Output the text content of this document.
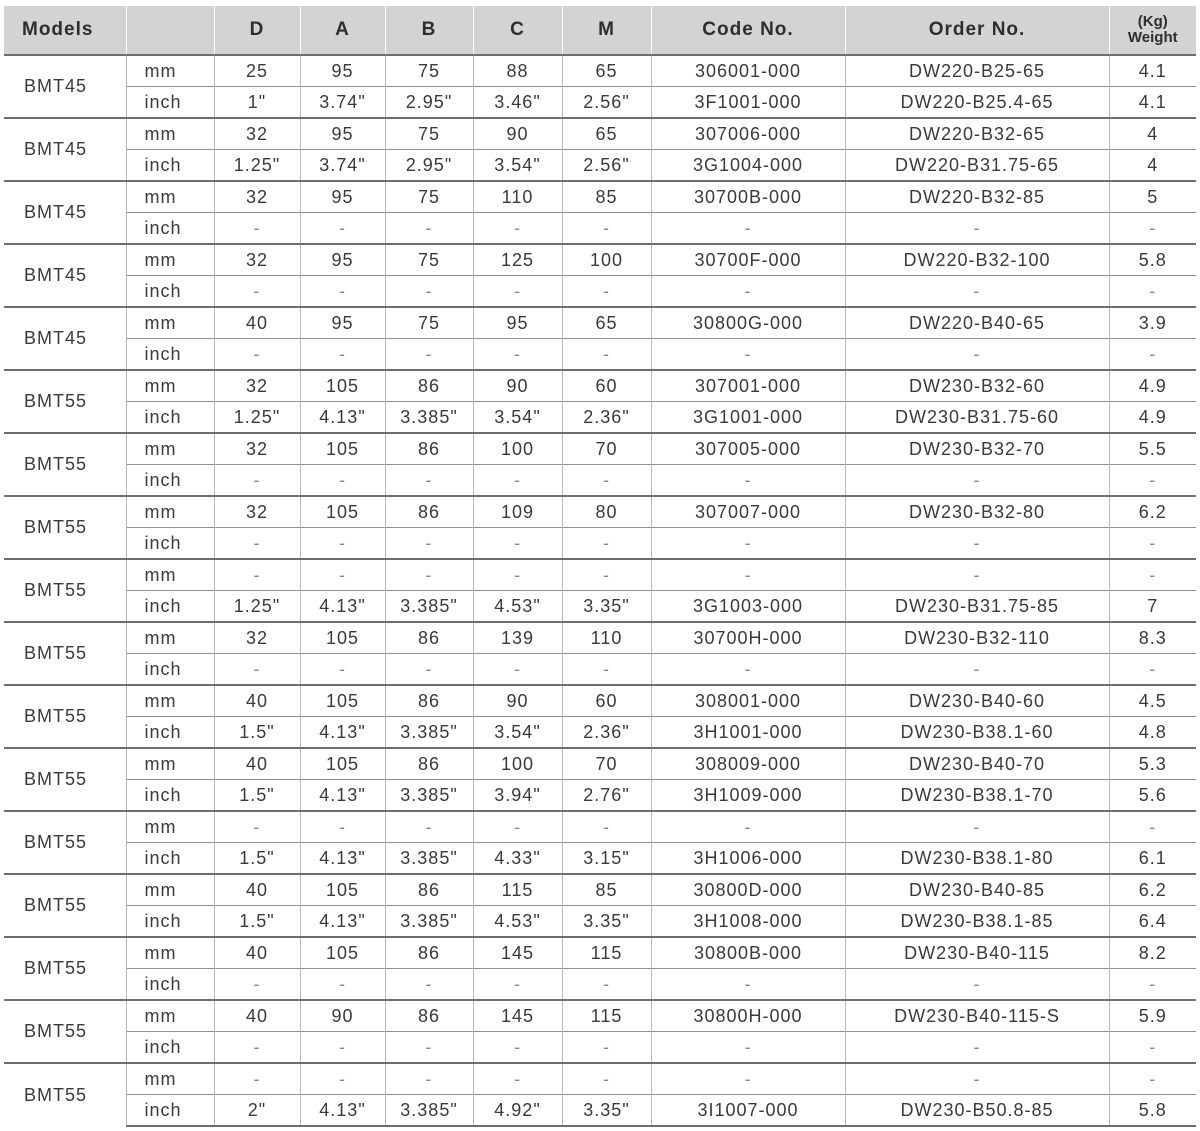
Models		D	A	B	C	M	Code No.	Order No.	(Kg)
Weight
BMT45	mm	25	95	75	88	65	306001-000	DW220-B25-65	4.1
	inch	1"	3.74"	2.95"	3.46"	2.56"	3F1001-000	DW220-B25.4-65	4.1
BMT45	mm	32	95	75	90	65	307006-000	DW220-B32-65	4
	inch	1.25"	3.74"	2.95"	3.54"	2.56"	3G1004-000	DW220-B31.75-65	4
BMT45	mm	32	95	75	110	85	30700B-000	DW220-B32-85	5
	inch	-	-	-	-	-	-	-	-
BMT45	mm	32	95	75	125	100	30700F-000	DW220-B32-100	5.8
	inch	-	-	-	-	-	-	-	-
BMT45	mm	40	95	75	95	65	30800G-000	DW220-B40-65	3.9
	inch	-	-	-	-	-	-	-	-
BMT55	mm	32	105	86	90	60	307001-000	DW230-B32-60	4.9
	inch	1.25"	4.13"	3.385"	3.54"	2.36"	3G1001-000	DW230-B31.75-60	4.9
BMT55	mm	32	105	86	100	70	307005-000	DW230-B32-70	5.5
	inch	-	-	-	-	-	-	-	-
BMT55	mm	32	105	86	109	80	307007-000	DW230-B32-80	6.2
	inch	-	-	-	-	-	-	-	-
BMT55	mm	-	-	-	-	-	-	-	-
	inch	1.25"	4.13"	3.385"	4.53"	3.35"	3G1003-000	DW230-B31.75-85	7
BMT55	mm	32	105	86	139	110	30700H-000	DW230-B32-110	8.3
	inch	-	-	-	-	-	-	-	-
BMT55	mm	40	105	86	90	60	308001-000	DW230-B40-60	4.5
	inch	1.5"	4.13"	3.385"	3.54"	2.36"	3H1001-000	DW230-B38.1-60	4.8
BMT55	mm	40	105	86	100	70	308009-000	DW230-B40-70	5.3
	inch	1.5"	4.13"	3.385"	3.94"	2.76"	3H1009-000	DW230-B38.1-70	5.6
BMT55	mm	-	-	-	-	-	-	-	-
	inch	1.5"	4.13"	3.385"	4.33"	3.15"	3H1006-000	DW230-B38.1-80	6.1
BMT55	mm	40	105	86	115	85	30800D-000	DW230-B40-85	6.2
	inch	1.5"	4.13"	3.385"	4.53"	3.35"	3H1008-000	DW230-B38.1-85	6.4
BMT55	mm	40	105	86	145	115	30800B-000	DW230-B40-115	8.2
	inch	-	-	-	-	-	-	-	-
BMT55	mm	40	90	86	145	115	30800H-000	DW230-B40-115-S	5.9
	inch	-	-	-	-	-	-	-	-
BMT55	mm	-	-	-	-	-	-	-	-
	inch	2"	4.13"	3.385"	4.92"	3.35"	3I1007-000	DW230-B50.8-85	5.8
